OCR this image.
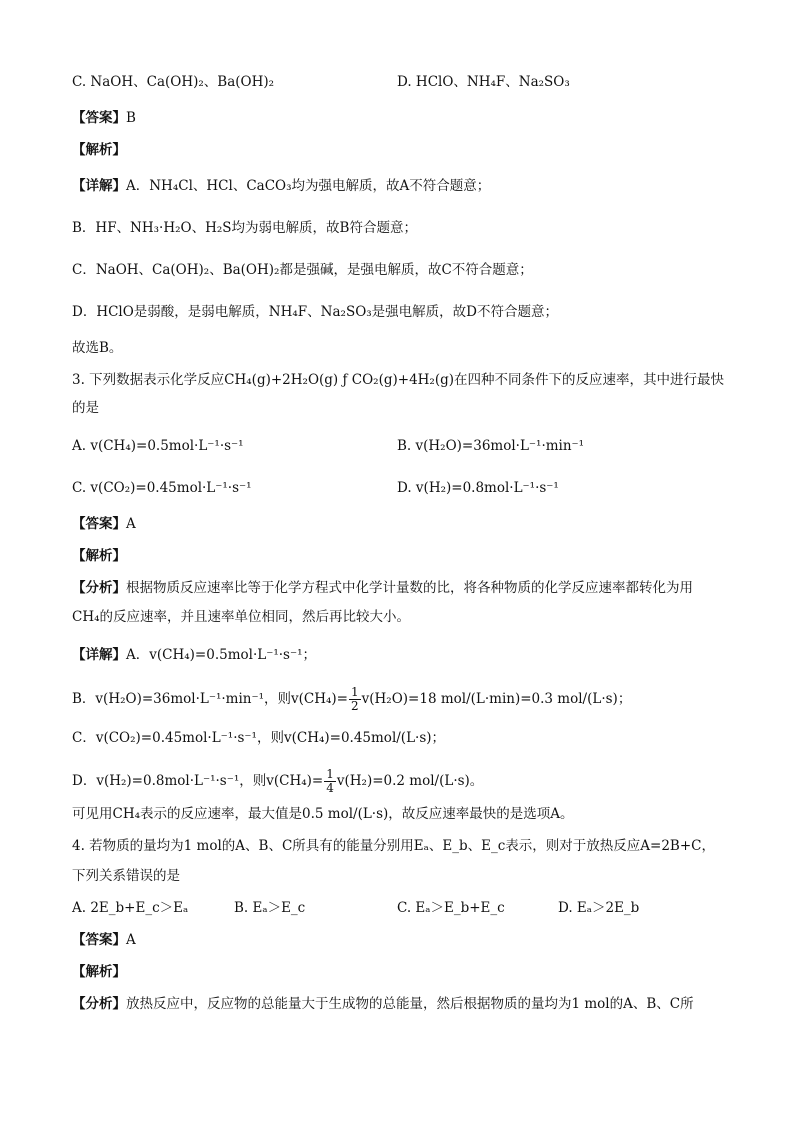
C. NaOH、Ca(OH)₂、Ba(OH)₂	D. HClO、NH₄F、Na₂SO₃
【答案】B
【解析】
【详解】A．NH₄Cl、HCl、CaCO₃均为强电解质，故A不符合题意；
B．HF、NH₃·H₂O、H₂S均为弱电解质，故B符合题意；
C．NaOH、Ca(OH)₂、Ba(OH)₂都是强碱，是强电解质，故C不符合题意；
D．HClO是弱酸，是弱电解质，NH₄F、Na₂SO₃是强电解质，故D不符合题意；
故选B。
3. 下列数据表示化学反应CH₄(g)+2H₂O(g) ƒ CO₂(g)+4H₂(g)在四种不同条件下的反应速率，其中进行最快
的是
A. v(CH₄)=0.5mol·L⁻¹·s⁻¹	B. v(H₂O)=36mol·L⁻¹·min⁻¹
C. v(CO₂)=0.45mol·L⁻¹·s⁻¹	D. v(H₂)=0.8mol·L⁻¹·s⁻¹
【答案】A
【解析】
【分析】根据物质反应速率比等于化学方程式中化学计量数的比，将各种物质的化学反应速率都转化为用
CH₄的反应速率，并且速率单位相同，然后再比较大小。
【详解】A．v(CH₄)=0.5mol·L⁻¹·s⁻¹；
B．v(H₂O)=36mol·L⁻¹·min⁻¹，则$v(CH_4)= \frac{1}{2} v(H_2O)=18$ mol/(L·min)=0.3 mol/(L·s)；
C．v(CO₂)=0.45mol·L⁻¹·s⁻¹，则v(CH₄)=0.45mol/(L·s)；
D．v(H₂)=0.8mol·L⁻¹·s⁻¹，则$v(CH_4)= \frac{1}{4} v(H_2)=0.2$ mol/(L·s)。
可见用CH₄表示的反应速率，最大值是0.5 mol/(L·s)，故反应速率最快的是选项A。
4. 若物质的量均为1 mol的A、B、C所具有的能量分别用Eₐ、E_b、E_c表示，则对于放热反应A=2B+C，
下列关系错误的是
A. 2E_b+E_c＞Eₐ	B. Eₐ＞E_c	C. Eₐ＞E_b+E_c	D. Eₐ＞2E_b
【答案】A
【解析】
【分析】放热反应中，反应物的总能量大于生成物的总能量，然后根据物质的量均为1 mol的A、B、C所
